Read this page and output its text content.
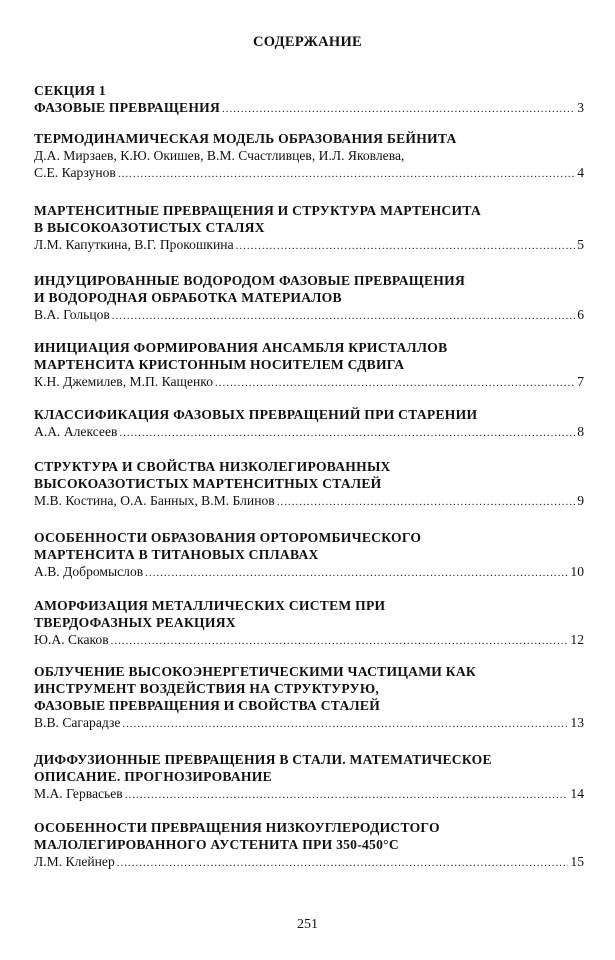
СОДЕРЖАНИЕ
СЕКЦИЯ 1
ФАЗОВЫЕ ПРЕВРАЩЕНИЯ .....	3
ТЕРМОДИНАМИЧЕСКАЯ МОДЕЛЬ ОБРАЗОВАНИЯ БЕЙНИТА
Д.А. Мирзаев, К.Ю. Окишев, В.М. Счастливцев, И.Л. Яковлева,
С.Е. Карзунов .....	4
МАРТЕНСИТНЫЕ ПРЕВРАЩЕНИЯ И СТРУКТУРА МАРТЕНСИТА
В ВЫСОКОАЗОТИСТЫХ СТАЛЯХ
Л.М. Капуткина, В.Г. Прокошкина .....	5
ИНДУЦИРОВАННЫЕ ВОДОРОДОМ ФАЗОВЫЕ ПРЕВРАЩЕНИЯ
И ВОДОРОДНАЯ ОБРАБОТКА МАТЕРИАЛОВ
В.А. Гольцов .....	6
ИНИЦИАЦИЯ ФОРМИРОВАНИЯ АНСАМБЛЯ КРИСТАЛЛОВ
МАРТЕНСИТА КРИСТОННЫМ НОСИТЕЛЕМ СДВИГА
К.Н. Джемилев, М.П. Кащенко .....	7
КЛАССИФИКАЦИЯ ФАЗОВЫХ ПРЕВРАЩЕНИЙ ПРИ СТАРЕНИИ
А.А. Алексеев .....	8
СТРУКТУРА И СВОЙСТВА НИЗКОЛЕГИРОВАННЫХ
ВЫСОКОАЗОТИСТЫХ МАРТЕНСИТНЫХ СТАЛЕЙ
М.В. Костина, О.А. Банных, В.М. Блинов .....	9
ОСОБЕННОСТИ ОБРАЗОВАНИЯ ОРТОРОМБИЧЕСКОГО
МАРТЕНСИТА В ТИТАНОВЫХ СПЛАВАХ
А.В. Добромыслов .....	10
АМОРФИЗАЦИЯ МЕТАЛЛИЧЕСКИХ СИСТЕМ ПРИ
ТВЕРДОФАЗНЫХ РЕАКЦИЯХ
Ю.А. Скаков .....	12
ОБЛУЧЕНИЕ ВЫСОКОЭНЕРГЕТИЧЕСКИМИ ЧАСТИЦАМИ КАК
ИНСТРУМЕНТ ВОЗДЕЙСТВИЯ НА СТРУКТУРУЮ,
ФАЗОВЫЕ ПРЕВРАЩЕНИЯ И СВОЙСТВА СТАЛЕЙ
В.В. Сагарадзе .....	13
ДИФФУЗИОННЫЕ ПРЕВРАЩЕНИЯ В СТАЛИ. МАТЕМАТИЧЕСКОЕ
ОПИСАНИЕ. ПРОГНОЗИРОВАНИЕ
М.А. Гервасьев .....	14
ОСОБЕННОСТИ ПРЕВРАЩЕНИЯ НИЗКОУГЛЕРОДИСТОГО
МАЛОЛЕГИРОВАННОГО АУСТЕНИТА ПРИ 350-450°С
Л.М. Клейнер .....	15
251
